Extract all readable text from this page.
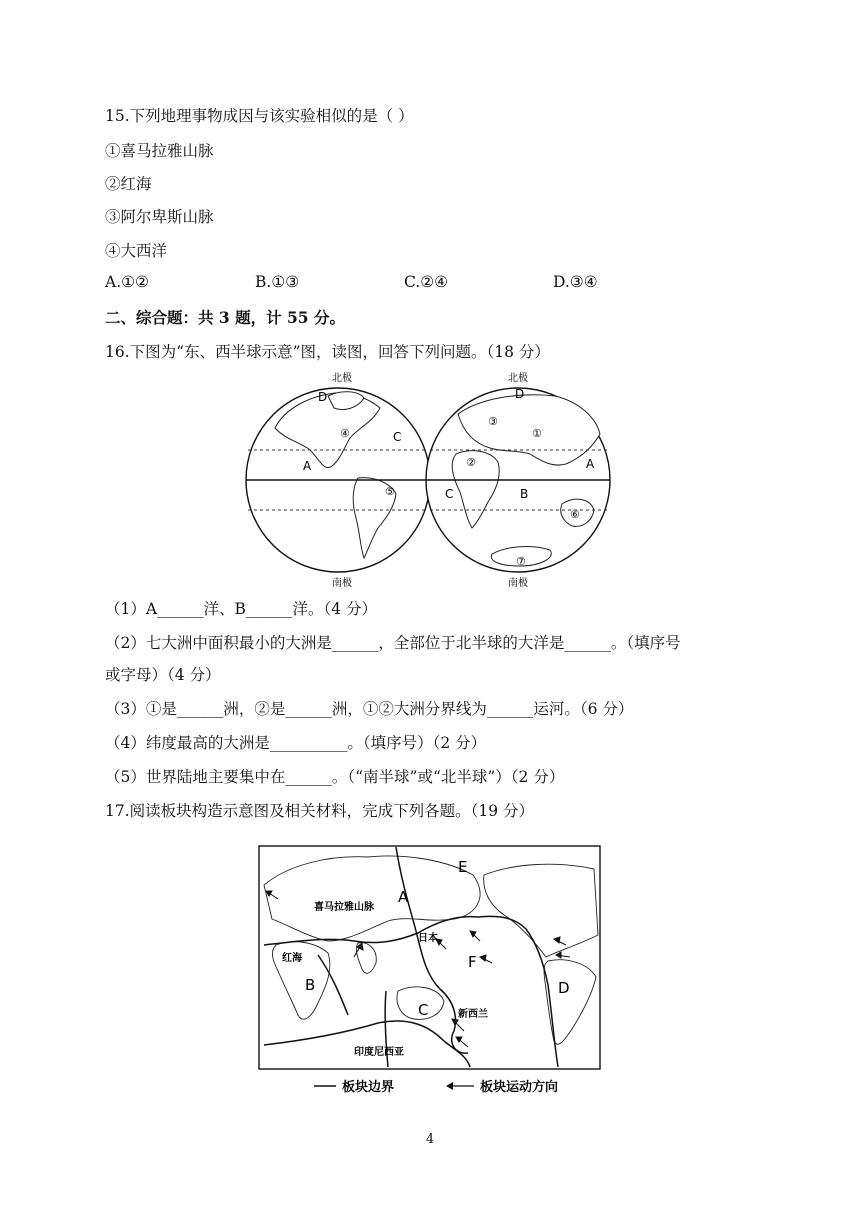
15.下列地理事物成因与该实验相似的是（ ）
①喜马拉雅山脉
②红海
③阿尔卑斯山脉
④大西洋
A.①②	B.①③	C.②④	D.③④
二、综合题：共 3 题，计 55 分。
16.下图为“东、西半球示意”图，读图，回答下列问题。（18 分）
北极	北极
南极	南极
D
④	C
A
⑤
D
③
①
②	A
C	B
⑥
⑦
（1）A______洋、B______洋。（4 分）
（2）七大洲中面积最小的大洲是______，全部位于北半球的大洋是______。（填序号
或字母）（4 分）
（3）①是______洲，②是______洲，①②大洲分界线为______运河。（6 分）
（4）纬度最高的大洲是__________。（填序号）（2 分）
（5）世界陆地主要集中在______。（“南半球”或“北半球”）（2 分）
17.阅读板块构造示意图及相关材料，完成下列各题。（19 分）
E
A
F
B
C
D
喜马拉雅山脉
日本
红海
新西兰
印度尼西亚
板块边界	板块运动方向
4
